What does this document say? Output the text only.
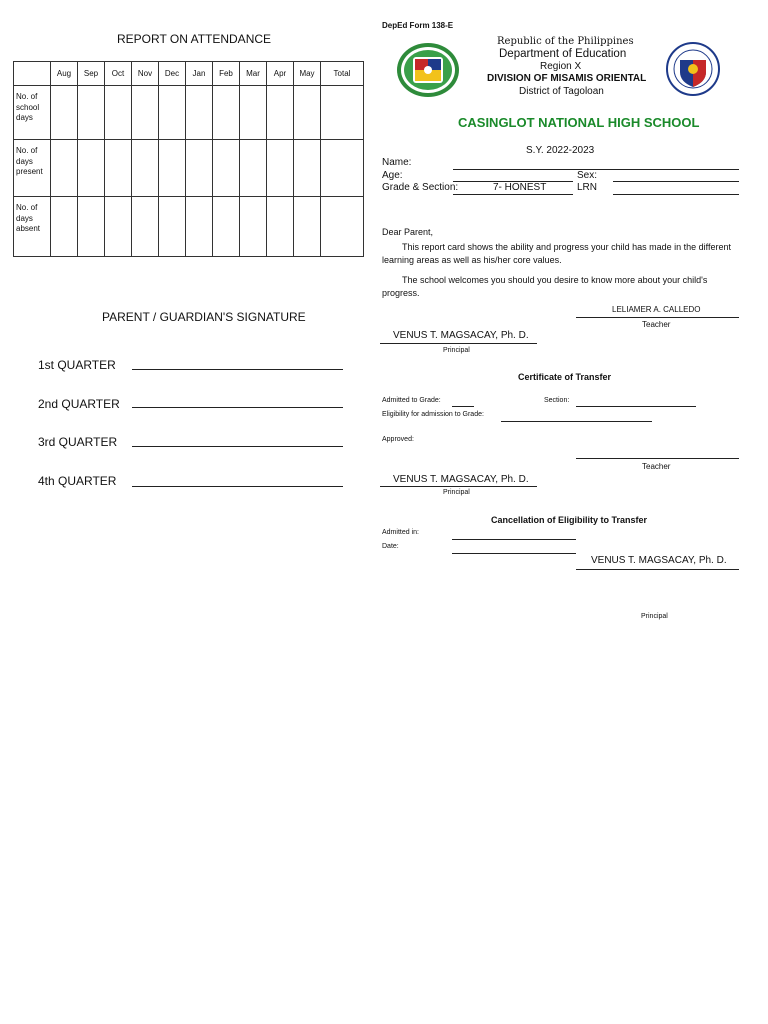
REPORT ON ATTENDANCE
	Aug	Sep	Oct	Nov	Dec	Jan	Feb	Mar	Apr	May	Total
No. of school days											
No. of days present											
No. of days absent											
PARENT / GUARDIAN'S SIGNATURE
1st QUARTER
2nd QUARTER
3rd QUARTER
4th QUARTER
DepEd Form 138-E
Republic of the Philippines
Department of Education
Region X
DIVISION OF MISAMIS ORIENTAL
District of Tagoloan
CASINGLOT NATIONAL HIGH SCHOOL
S.Y. 2022-2023
Name:
Age:	Sex:
Grade & Section:	7- HONEST	LRN
Dear Parent,
This report card shows the ability and progress your child has made in the different learning areas as well as his/her core values.
The school welcomes you should you desire to know more about your child's progress.
LELIAMER A. CALLEDO
Teacher
VENUS T. MAGSACAY, Ph. D.
Principal
Certificate of Transfer
Admitted to Grade:	Section:
Eligibility for admission to Grade:
Approved:
Teacher
VENUS T. MAGSACAY, Ph. D.
Principal
Cancellation of Eligibility to Transfer
Admitted in:
Date:
VENUS T. MAGSACAY, Ph. D.
Principal
